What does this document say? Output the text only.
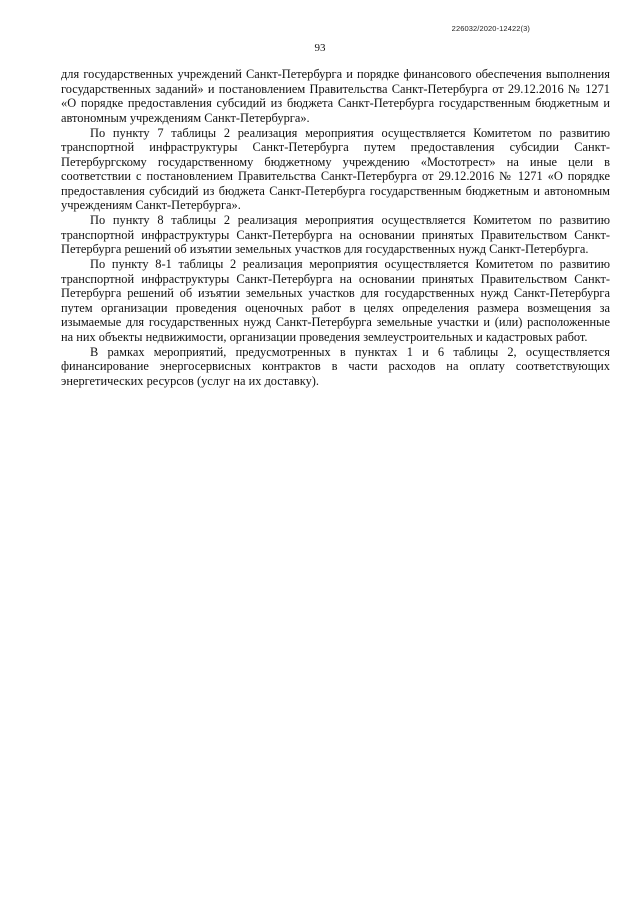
226032/2020-12422(3)
93

для государственных учреждений Санкт-Петербурга и порядке финансового обеспечения выполнения государственных заданий» и постановлением Правительства Санкт-Петербурга от 29.12.2016 № 1271 «О порядке предоставления субсидий из бюджета Санкт-Петербурга государственным бюджетным и автономным учреждениям Санкт-Петербурга».

По пункту 7 таблицы 2 реализация мероприятия осуществляется Комитетом по развитию транспортной инфраструктуры Санкт-Петербурга путем предоставления субсидии Санкт-Петербургскому государственному бюджетному учреждению «Мостотрест» на иные цели в соответствии с постановлением Правительства Санкт-Петербурга от 29.12.2016 № 1271 «О порядке предоставления субсидий из бюджета Санкт-Петербурга государственным бюджетным и автономным учреждениям Санкт-Петербурга».

По пункту 8 таблицы 2 реализация мероприятия осуществляется Комитетом по развитию транспортной инфраструктуры Санкт-Петербурга на основании принятых Правительством Санкт-Петербурга решений об изъятии земельных участков для государственных нужд Санкт-Петербурга.

По пункту 8-1 таблицы 2 реализация мероприятия осуществляется Комитетом по развитию транспортной инфраструктуры Санкт-Петербурга на основании принятых Правительством Санкт-Петербурга решений об изъятии земельных участков для государственных нужд Санкт-Петербурга путем организации проведения оценочных работ в целях определения размера возмещения за изымаемые для государственных нужд Санкт-Петербурга земельные участки и (или) расположенные на них объекты недвижимости, организации проведения землеустроительных и кадастровых работ.

В рамках мероприятий, предусмотренных в пунктах 1 и 6 таблицы 2, осуществляется финансирование энергосервисных контрактов в части расходов на оплату соответствующих энергетических ресурсов (услуг на их доставку).
